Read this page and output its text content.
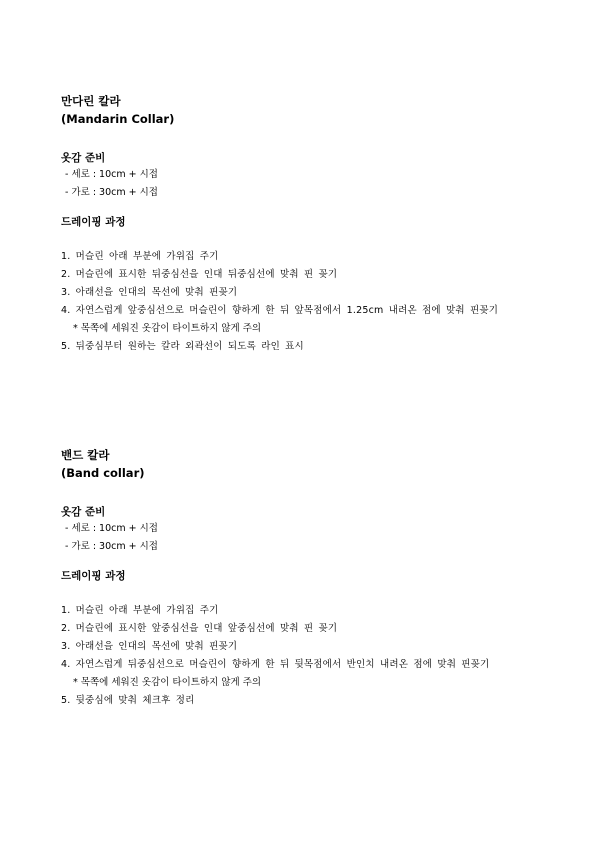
만다린 칼라

(Mandarin Collar)

옷감 준비

- 세로 : 10cm + 시접

- 가로 : 30cm + 시접

드레이핑 과정

1. 머슬린 아래 부분에 가위집 주기

2. 머슬린에 표시한 뒤중심선을 인대 뒤중심선에 맞춰 핀 꽂기

3. 아래선을 인대의 목선에 맞춰 핀꽂기

4. 자연스럽게 앞중심선으로 머슬린이 향하게 한 뒤 앞목점에서 1.25cm 내려온 점에 맞춰 핀꽂기

* 목쪽에 세워진 옷감이 타이트하지 않게 주의

5. 뒤중심부터 원하는 칼라 외곽선이 되도록 라인 표시

밴드 칼라

(Band collar)

옷감 준비

- 세로 : 10cm + 시접

- 가로 : 30cm + 시접

드레이핑 과정

1. 머슬린 아래 부분에 가위집 주기

2. 머슬린에 표시한 앞중심선을 인대 앞중심선에 맞춰 핀 꽂기

3. 아래선을 인대의 목선에 맞춰 핀꽂기

4. 자연스럽게 뒤중심선으로 머슬린이 향하게 한 뒤 뒷목점에서 반인치 내려온 점에 맞춰 핀꽂기

* 목쪽에 세워진 옷감이 타이트하지 않게 주의

5. 뒷중심에 맞춰 체크후 정리
